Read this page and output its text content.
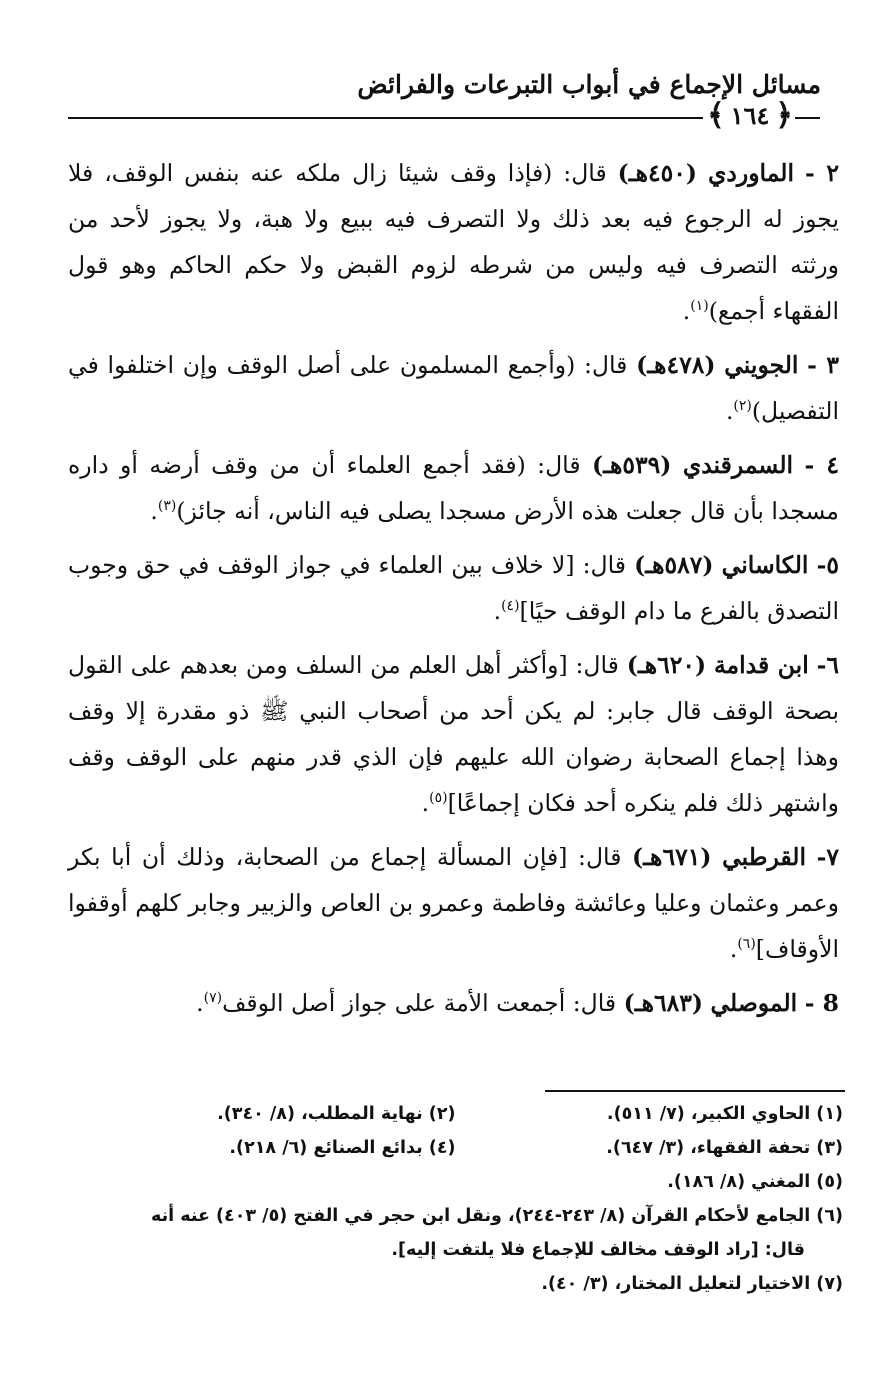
مسائل الإجماع في أبواب التبرعات والفرائض
﴿
١٦٤
﴾

٢ - الماوردي (٤٥٠هـ) قال: (فإذا وقف شيئا زال ملكه عنه بنفس الوقف، فلا يجوز له الرجوع فيه بعد ذلك ولا التصرف فيه ببيع ولا هبة، ولا يجوز لأحد من ورثته التصرف فيه وليس من شرطه لزوم القبض ولا حكم الحاكم وهو قول الفقهاء أجمع)$^{(١)}$.

٣ - الجويني (٤٧٨هـ) قال: (وأجمع المسلمون على أصل الوقف وإن اختلفوا في التفصيل)$^{(٢)}$.

٤ - السمرقندي (٥٣٩هـ) قال: (فقد أجمع العلماء أن من وقف أرضه أو داره مسجدا بأن قال جعلت هذه الأرض مسجدا يصلى فيه الناس، أنه جائز)$^{(٣)}$.

٥- الكاساني (٥٨٧هـ) قال: [لا خلاف بين العلماء في جواز الوقف في حق وجوب التصدق بالفرع ما دام الوقف حيًا]$^{(٤)}$.

٦- ابن قدامة (٦٢٠هـ) قال: [وأكثر أهل العلم من السلف ومن بعدهم على القول بصحة الوقف قال جابر: لم يكن أحد من أصحاب النبي ﷺ ذو مقدرة إلا وقف وهذا إجماع الصحابة رضوان الله عليهم فإن الذي قدر منهم على الوقف وقف واشتهر ذلك فلم ينكره أحد فكان إجماعًا]$^{(٥)}$.

٧- القرطبي (٦٧١هـ) قال: [فإن المسألة إجماع من الصحابة، وذلك أن أبا بكر وعمر وعثمان وعليا وعائشة وفاطمة وعمرو بن العاص والزبير وجابر كلهم أوقفوا الأوقاف]$^{(٦)}$.

8 - الموصلي (٦٨٣هـ) قال: أجمعت الأمة على جواز أصل الوقف$^{(٧)}$.

(١) الحاوي الكبير، (٧/ ٥١١).
(٢) نهاية المطلب، (٨/ ٣٤٠).
(٣) تحفة الفقهاء، (٣/ ٦٤٧).
(٤) بدائع الصنائع (٦/ ٢١٨).
(٥) المغني (٨/ ١٨٦).
(٦) الجامع لأحكام القرآن (٨/ ٢٤٣-٢٤٤)، ونقل ابن حجر في الفتح (٥/ ٤٠٣) عنه أنه
قال: [راد الوقف مخالف للإجماع فلا يلتفت إليه].
(٧) الاختيار لتعليل المختار، (٣/ ٤٠).
